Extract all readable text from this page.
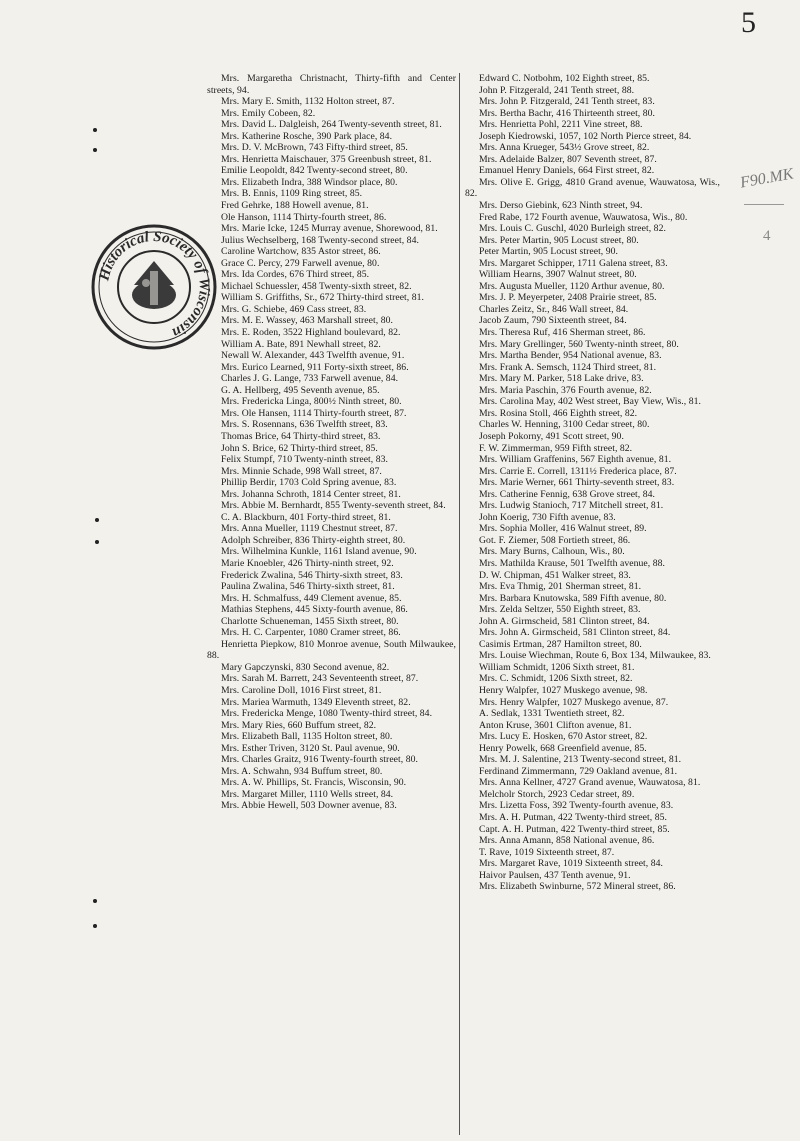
5
F90.MK
4
Historical Society of Wisconsin

Mrs. Margaretha Christnacht, Thirty-fifth and Center streets, 94.

Mrs. Mary E. Smith, 1132 Holton street, 87.

Mrs. Emily Cobeen, 82.

Mrs. David L. Dalgleish, 264 Twenty-seventh street, 81.

Mrs. Katherine Rosche, 390 Park place, 84.

Mrs. D. V. McBrown, 743 Fifty-third street, 85.

Mrs. Henrietta Maischauer, 375 Greenbush street, 81.

Emilie Leopoldt, 842 Twenty-second street, 80.

Mrs. Elizabeth Indra, 388 Windsor place, 80.

Mrs. B. Ennis, 1109 Ring street, 85.

Fred Gehrke, 188 Howell avenue, 81.

Ole Hanson, 1114 Thirty-fourth street, 86.

Mrs. Marie Icke, 1245 Murray avenue, Shorewood, 81.

Julius Wechselberg, 168 Twenty-second street, 84.

Caroline Wartchow, 835 Astor street, 86.

Grace C. Percy, 279 Farwell avenue, 80.

Mrs. Ida Cordes, 676 Third street, 85.

Michael Schuessler, 458 Twenty-sixth street, 82.

William S. Griffiths, Sr., 672 Thirty-third street, 81.

Mrs. G. Schiebe, 469 Cass street, 83.

Mrs. M. E. Wassey, 463 Marshall street, 80.

Mrs. E. Roden, 3522 Highland boulevard, 82.

William A. Bate, 891 Newhall street, 82.

Newall W. Alexander, 443 Twelfth avenue, 91.

Mrs. Eurico Learned, 911 Forty-sixth street, 86.

Charles J. G. Lange, 733 Farwell avenue, 84.

G. A. Hellberg, 495 Seventh avenue, 85.

Mrs. Fredericka Linga, 800½ Ninth street, 80.

Mrs. Ole Hansen, 1114 Thirty-fourth street, 87.

Mrs. S. Rosennans, 636 Twelfth street, 83.

Thomas Brice, 64 Thirty-third street, 83.

John S. Brice, 62 Thirty-third street, 85.

Felix Stumpf, 710 Twenty-ninth street, 83.

Mrs. Minnie Schade, 998 Wall street, 87.

Phillip Berdir, 1703 Cold Spring avenue, 83.

Mrs. Johanna Schroth, 1814 Center street, 81.

Mrs. Abbie M. Bernhardt, 855 Twenty-seventh street, 84.

C. A. Blackburn, 401 Forty-third street, 81.

Mrs. Anna Mueller, 1119 Chestnut street, 87.

Adolph Schreiber, 836 Thirty-eighth street, 80.

Mrs. Wilhelmina Kunkle, 1161 Island avenue, 90.

Marie Knoebler, 426 Thirty-ninth street, 92.

Frederick Zwalina, 546 Thirty-sixth street, 83.

Paulina Zwalina, 546 Thirty-sixth street, 81.

Mrs. H. Schmalfuss, 449 Clement avenue, 85.

Mathias Stephens, 445 Sixty-fourth avenue, 86.

Charlotte Schueneman, 1455 Sixth street, 80.

Mrs. H. C. Carpenter, 1080 Cramer street, 86.

Henrietta Piepkow, 810 Monroe avenue, South Milwaukee, 88.

Mary Gapczynski, 830 Second avenue, 82.

Mrs. Sarah M. Barrett, 243 Seventeenth street, 87.

Mrs. Caroline Doll, 1016 First street, 81.

Mrs. Mariea Warmuth, 1349 Eleventh street, 82.

Mrs. Fredericka Menge, 1080 Twenty-third street, 84.

Mrs. Mary Ries, 660 Buffum street, 82.

Mrs. Elizabeth Ball, 1135 Holton street, 80.

Mrs. Esther Triven, 3120 St. Paul avenue, 90.

Mrs. Charles Graitz, 916 Twenty-fourth street, 80.

Mrs. A. Schwahn, 934 Buffum street, 80.

Mrs. A. W. Phillips, St. Francis, Wisconsin, 90.

Mrs. Margaret Miller, 1110 Wells street, 84.

Mrs. Abbie Hewell, 503 Downer avenue, 83.

Edward C. Notbohm, 102 Eighth street, 85.

John P. Fitzgerald, 241 Tenth street, 88.

Mrs. John P. Fitzgerald, 241 Tenth street, 83.

Mrs. Bertha Bachr, 416 Thirteenth street, 80.

Mrs. Henrietta Pohl, 2211 Vine street, 88.

Joseph Kiedrowski, 1057, 102 North Pierce street, 84.

Mrs. Anna Krueger, 543½ Grove street, 82.

Mrs. Adelaide Balzer, 807 Seventh street, 87.

Emanuel Henry Daniels, 664 First street, 82.

Mrs. Olive E. Grigg, 4810 Grand avenue, Wauwatosa, Wis., 82.

Mrs. Derso Giebink, 623 Ninth street, 94.

Fred Rabe, 172 Fourth avenue, Wauwatosa, Wis., 80.

Mrs. Louis C. Guschl, 4020 Burleigh street, 82.

Mrs. Peter Martin, 905 Locust street, 80.

Peter Martin, 905 Locust street, 90.

Mrs. Margaret Schipper, 1711 Galena street, 83.

William Hearns, 3907 Walnut street, 80.

Mrs. Augusta Mueller, 1120 Arthur avenue, 80.

Mrs. J. P. Meyerpeter, 2408 Prairie street, 85.

Charles Zeitz, Sr., 846 Wall street, 84.

Jacob Zaum, 790 Sixteenth street, 84.

Mrs. Theresa Ruf, 416 Sherman street, 86.

Mrs. Mary Grellinger, 560 Twenty-ninth street, 80.

Mrs. Martha Bender, 954 National avenue, 83.

Mrs. Frank A. Semsch, 1124 Third street, 81.

Mrs. Mary M. Parker, 518 Lake drive, 83.

Mrs. Maria Paschin, 376 Fourth avenue, 82.

Mrs. Carolina May, 402 West street, Bay View, Wis., 81.

Mrs. Rosina Stoll, 466 Eighth street, 82.

Charles W. Henning, 3100 Cedar street, 80.

Joseph Pokorny, 491 Scott street, 90.

F. W. Zimmerman, 959 Fifth street, 82.

Mrs. William Graffenins, 567 Eighth avenue, 81.

Mrs. Carrie E. Correll, 1311½ Frederica place, 87.

Mrs. Marie Werner, 661 Thirty-seventh street, 83.

Mrs. Catherine Fennig, 638 Grove street, 84.

Mrs. Ludwig Stanioch, 717 Mitchell street, 81.

John Koerig, 730 Fifth avenue, 83.

Mrs. Sophia Moller, 416 Walnut street, 89.

Got. F. Ziemer, 508 Fortieth street, 86.

Mrs. Mary Burns, Calhoun, Wis., 80.

Mrs. Mathilda Krause, 501 Twelfth avenue, 88.

D. W. Chipman, 451 Walker street, 83.

Mrs. Eva Thmig, 201 Sherman street, 81.

Mrs. Barbara Knutowska, 589 Fifth avenue, 80.

Mrs. Zelda Seltzer, 550 Eighth street, 83.

John A. Girmscheid, 581 Clinton street, 84.

Mrs. John A. Girmscheid, 581 Clinton street, 84.

Casimis Ertman, 287 Hamilton street, 80.

Mrs. Louise Wiechman, Route 6, Box 134, Milwaukee, 83.

William Schmidt, 1206 Sixth street, 81.

Mrs. C. Schmidt, 1206 Sixth street, 82.

Henry Walpfer, 1027 Muskego avenue, 98.

Mrs. Henry Walpfer, 1027 Muskego avenue, 87.

A. Sedlak, 1331 Twentieth street, 82.

Anton Kruse, 3601 Clifton avenue, 81.

Mrs. Lucy E. Hosken, 670 Astor street, 82.

Henry Powelk, 668 Greenfield avenue, 85.

Mrs. M. J. Salentine, 213 Twenty-second street, 81.

Ferdinand Zimmermann, 729 Oakland avenue, 81.

Mrs. Anna Kellner, 4727 Grand avenue, Wauwatosa, 81.

Melcholr Storch, 2923 Cedar street, 89.

Mrs. Lizetta Foss, 392 Twenty-fourth avenue, 83.

Mrs. A. H. Putman, 422 Twenty-third street, 85.

Capt. A. H. Putman, 422 Twenty-third street, 85.

Mrs. Anna Amann, 858 National avenue, 86.

T. Rave, 1019 Sixteenth street, 87.

Mrs. Margaret Rave, 1019 Sixteenth street, 84.

Haivor Paulsen, 437 Tenth avenue, 91.

Mrs. Elizabeth Swinburne, 572 Mineral street, 86.
